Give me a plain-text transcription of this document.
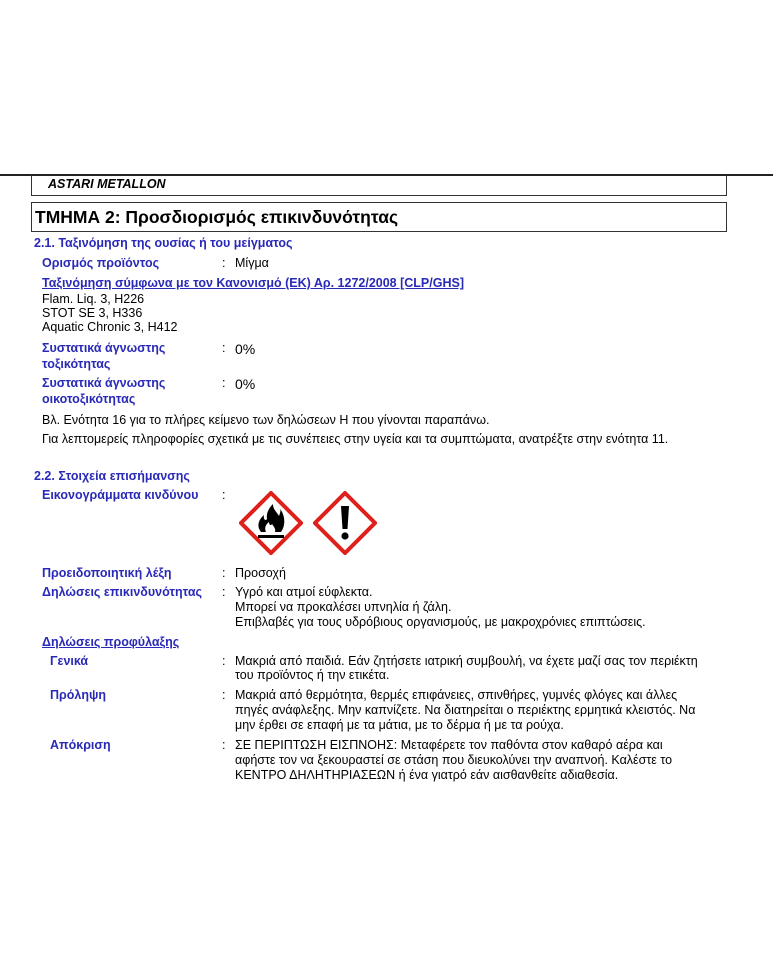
ASTARI METALLON
ΤΜΗΜΑ 2: Προσδιορισμός επικινδυνότητας
2.1. Ταξινόμηση της ουσίας ή του μείγματος
Ορισμός προϊόντος	: Μίγμα
Ταξινόμηση σύμφωνα με τον Κανονισμό (ΕΚ) Αρ. 1272/2008 [CLP/GHS]
Flam. Liq. 3, H226
STOT SE 3, H336
Aquatic Chronic 3, H412
Συστατικά άγνωστης
τοξικότητας
: 0%
Συστατικά άγνωστης
οικοτοξικότητας
: 0%
Βλ. Ενότητα 16 για το πλήρες κείμενο των δηλώσεων Η που γίνονται παραπάνω.
Για λεπτομερείς πληροφορίες σχετικά με τις συνέπειες στην υγεία και τα συμπτώματα, ανατρέξτε στην ενότητα 11.
2.2. Στοιχεία επισήμανσης
Εικονογράμματα κινδύνου :
Προειδοποιητική λέξη	: Προσοχή
Δηλώσεις επικινδυνότητας : Υγρό και ατμοί εύφλεκτα.
Μπορεί να προκαλέσει υπνηλία ή ζάλη.
Επιβλαβές για τους υδρόβιους οργανισμούς, με μακροχρόνιες επιπτώσεις.
Δηλώσεις προφύλαξης
Γενικά	: Μακριά από παιδιά. Εάν ζητήσετε ιατρική συμβουλή, να έχετε μαζί σας τον περιέκτη
του προϊόντος ή την ετικέτα.
Πρόληψη	: Μακριά από θερμότητα, θερμές επιφάνειες, σπινθήρες, γυμνές φλόγες και άλλες
πηγές ανάφλεξης. Μην καπνίζετε. Να διατηρείται ο περιέκτης ερμητικά κλειστός. Να
μην έρθει σε επαφή με τα μάτια, με το δέρμα ή με τα ρούχα.
Απόκριση	: ΣΕ ΠΕΡΙΠΤΩΣΗ ΕΙΣΠΝΟΗΣ: Μεταφέρετε τον παθόντα στον καθαρό αέρα και
αφήστε τον να ξεκουραστεί σε στάση που διευκολύνει την αναπνοή. Καλέστε το
ΚΕΝΤΡΟ ΔΗΛΗΤΗΡΙΑΣΕΩΝ ή ένα γιατρό εάν αισθανθείτε αδιαθεσία.
